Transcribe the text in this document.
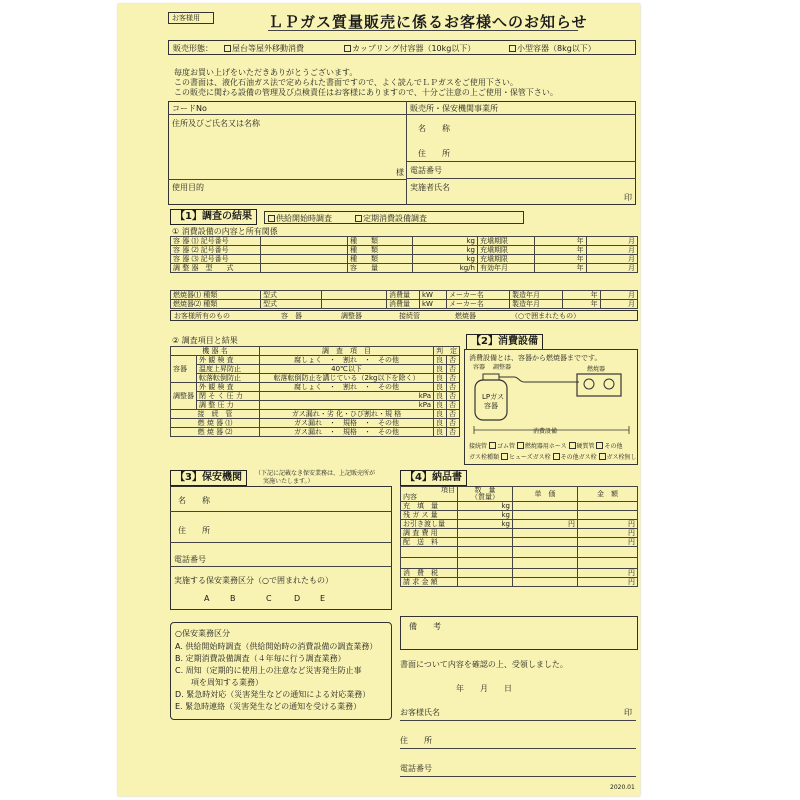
お客様用	ＬＰガス質量販売に係るお客様へのお知らせ
販売形態：	屋台等屋外移動消費	カップリング付容器（10kg以下）	小型容器（8kg以下）
毎度お買い上げをいただきありがとうございます。
この書面は、液化石油ガス法で定められた書面ですので、よく読んでＬＰガスをご使用下さい。
この販売に関わる設備の管理及び点検責任はお客様にありますので、十分ご注意の上ご使用・保管下さい。
コードNo
住所及びご氏名又は名称
様
使用目的
販売所・保安機関事業所
名　　称
住　　所
電話番号
実施者氏名
印
【1】調査の結果	供給開始時調査	定期消費設備調査
① 消費設備の内容と所有関係
容 器 ⑴ 記号番号		種　　類	kg	充塡期限	年	月
容 器 ⑵ 記号番号		種　　類	kg	充塡期限	年	月
容 器 ⑶ 記号番号		種　　類	kg	充塡期限	年	月
調 整 器　型　　式		容　　量	kg/h	有効年月	年	月
燃焼器⑴ 種類	型式		消費量	kW	メーカー名	製造年月	年	月
燃焼器⑵ 種類	型式		消費量	kW	メーカー名	製造年月	年	月
お客様所有のもの	容　器	調整器	接続管	燃焼器	（○で囲まれたもの）
② 調査項目と結果
機 器 名		調　査　項　目	判　定	
容器	外 観 検 査	腐しょく　・　割れ　・　その他	良	否
	温度上昇防止	40℃以下	良	否
	転落転倒防止	転落転倒防止を講じている（2kg以下を除く）	良	否
調整器	外 観 検 査	腐しょく　・　割れ　・　その他	良	否
	閉 そ く 圧 力	kPa	良	否
	調 整 圧 力	kPa	良	否
接　続　管		ガス漏れ・劣 化・ひび割れ・規 格	良	否
燃 焼 器 ⑴		ガス漏れ　・　規格　・　その他	良	否
燃 焼 器 ⑵		ガス漏れ　・　規格　・　その他	良	否
【2】消費設備
消費設備とは、容器から燃焼器までです。
容器 調整器	燃焼器
LPガス
容器
消費設備
接続管 ゴム管 燃焼器用ホース 硬質管 その他
ガス栓種類 ヒューズガス栓 その他ガス栓 ガス栓無し
【3】保安機関	（下記に記載なき保安業務は、上記販売所が
実施いたします。）
名　　称
住　　所
電話番号
実施する保安業務区分（○で囲まれたもの）
A	B	C	D E
○保安業務区分
A. 供給開始時調査（供給開始時の消費設備の調査業務）
B. 定期消費設備調査（４年毎に行う調査業務）
C. 周知（定期的に使用上の注意など災害発生防止事
　　項を周知する業務）
D. 緊急時対応（災害発生などの通知による対応業務）
E. 緊急時連絡（災害発生などの通知を受ける業務）
【4】納品書
項目
内容	数　量
（質量）	単　価	金　額
充　填　量	kg		
残 ガ ス 量	kg		
お引き渡し量	kg	円	円
調 査 費 用			円
配　送　料			円

消　費　税			円
請 求 金 額			円
備　　考
書面について内容を確認の上、受領しました。
年　　月　　日
お客様氏名	印
住　　所
電話番号
2020.01
